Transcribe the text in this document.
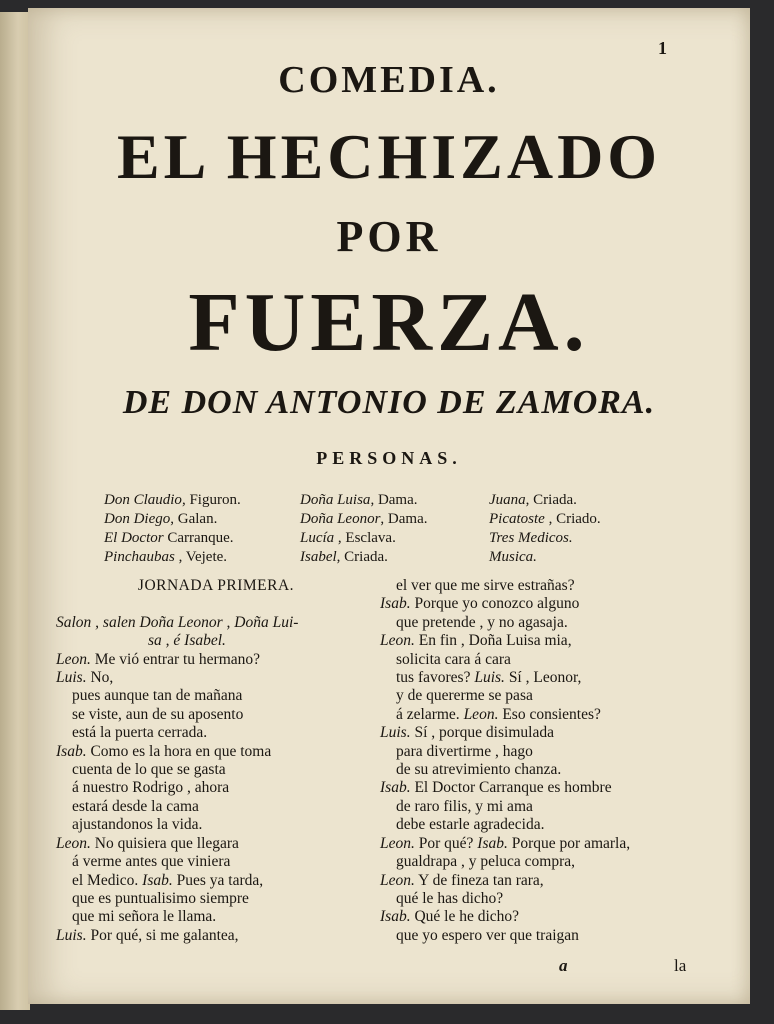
1
COMEDIA.
EL HECHIZADO
POR
FUERZA.
DE DON ANTONIO DE ZAMORA.
PERSONAS.
Don Claudio, Figuron.
Don Diego, Galan.
El Doctor Carranque.
Pinchaubas , Vejete.
Doña Luisa, Dama.
Doña Leonor, Dama.
Lucía , Esclava.
Isabel, Criada.
Juana, Criada.
Picatoste , Criado.
Tres Medicos.
Musica.
JORNADA PRIMERA.

Salon , salen Doña Leonor , Doña Lui-
sa , é Isabel.
Leon. Me vió entrar tu hermano?
Luis. No,
pues aunque tan de mañana
se viste, aun de su aposento
está la puerta cerrada.
Isab. Como es la hora en que toma
cuenta de lo que se gasta
á nuestro Rodrigo , ahora
estará desde la cama
ajustandonos la vida.
Leon. No quisiera que llegara
á verme antes que viniera
el Medico. Isab. Pues ya tarda,
que es puntualisimo siempre
que mi señora le llama.
Luis. Por qué, si me galantea,
el ver que me sirve estrañas?
Isab. Porque yo conozco alguno
que pretende , y no agasaja.
Leon. En fin , Doña Luisa mia,
solicita cara á cara
tus favores? Luis. Sí , Leonor,
y de quererme se pasa
á zelarme. Leon. Eso consientes?
Luis. Sí , porque disimulada
para divertirme , hago
de su atrevimiento chanza.
Isab. El Doctor Carranque es hombre
de raro filis, y mi ama
debe estarle agradecida.
Leon. Por qué? Isab. Porque por amarla,
gualdrapa , y peluca compra,
Leon. Y de fineza tan rara,
qué le has dicho?
Isab. Qué le he dicho?
que yo espero ver que traigan
a	la
